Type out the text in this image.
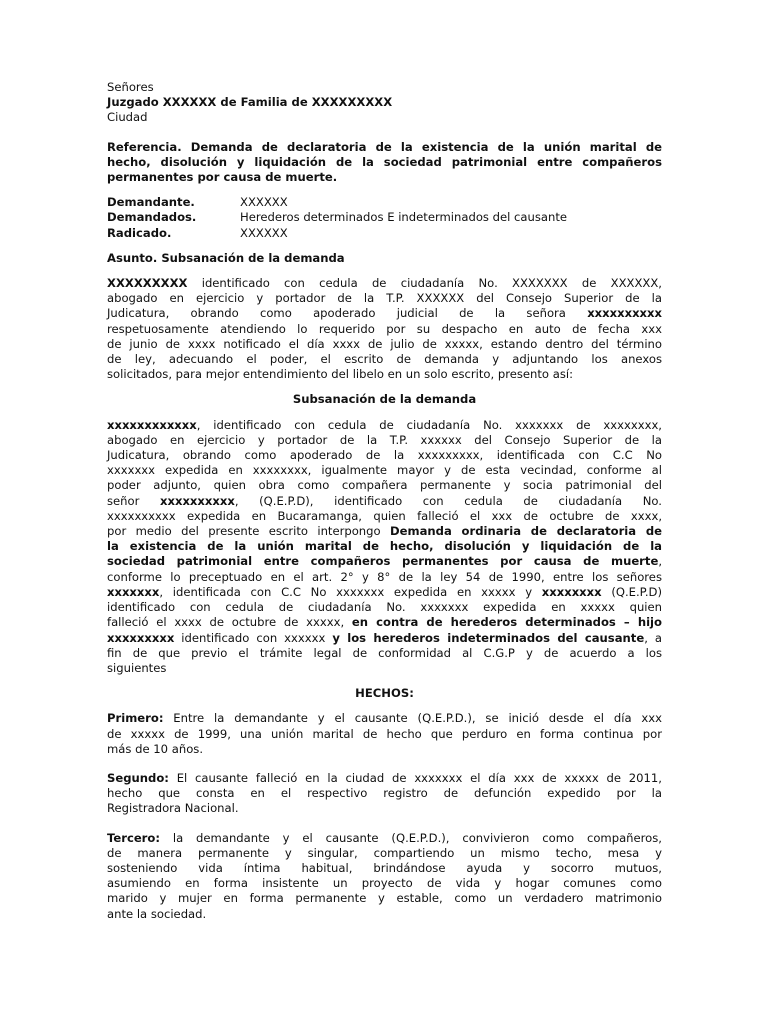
Señores
Juzgado XXXXXX de Familia de XXXXXXXXX
Ciudad
Referencia. Demanda de declaratoria de la existencia de la unión marital de
hecho, disolución y liquidación de la sociedad patrimonial entre compañeros
permanentes por causa de muerte.
Demandante.	XXXXXX
Demandados.	Herederos determinados E indeterminados del causante
Radicado.	XXXXXX
Asunto. Subsanación de la demanda
XXXXXXXXX identificado con cedula de ciudadanía No. XXXXXXX de XXXXXX,
abogado en ejercicio y portador de la T.P. XXXXXX del Consejo Superior de la
Judicatura, obrando como apoderado judicial de la señora xxxxxxxxxx
respetuosamente atendiendo lo requerido por su despacho en auto de fecha xxx
de junio de xxxx notificado el día xxxx de julio de xxxxx, estando dentro del término
de ley, adecuando el poder, el escrito de demanda y adjuntando los anexos
solicitados, para mejor entendimiento del libelo en un solo escrito, presento así:
Subsanación de la demanda
xxxxxxxxxxxx, identificado con cedula de ciudadanía No. xxxxxxx de xxxxxxxx,
abogado en ejercicio y portador de la T.P. xxxxxx del Consejo Superior de la
Judicatura, obrando como apoderado de la xxxxxxxxx, identificada con C.C No
xxxxxxx expedida en xxxxxxxx, igualmente mayor y de esta vecindad, conforme al
poder adjunto, quien obra como compañera permanente y socia patrimonial del
señor xxxxxxxxxx, (Q.E.P.D), identificado con cedula de ciudadanía No.
xxxxxxxxxx expedida en Bucaramanga, quien falleció el xxx de octubre de xxxx,
por medio del presente escrito interpongo Demanda ordinaria de declaratoria de
la existencia de la unión marital de hecho, disolución y liquidación de la
sociedad patrimonial entre compañeros permanentes por causa de muerte,
conforme lo preceptuado en el art. 2° y 8° de la ley 54 de 1990, entre los señores
xxxxxxx, identificada con C.C No xxxxxxx expedida en xxxxx y xxxxxxxx (Q.E.P.D)
identificado con cedula de ciudadanía No. xxxxxxx expedida en xxxxx quien
falleció el xxxx de octubre de xxxxx, en contra de herederos determinados – hijo
xxxxxxxxx identificado con xxxxxx y los herederos indeterminados del causante, a
fin de que previo el trámite legal de conformidad al C.G.P y de acuerdo a los
siguientes
HECHOS:
Primero: Entre la demandante y el causante (Q.E.P.D.), se inició desde el día xxx
de xxxxx de 1999, una unión marital de hecho que perduro en forma continua por
más de 10 años.
Segundo: El causante falleció en la ciudad de xxxxxxx el día xxx de xxxxx de 2011,
hecho que consta en el respectivo registro de defunción expedido por la
Registradora Nacional.
Tercero: la demandante y el causante (Q.E.P.D.), convivieron como compañeros,
de manera permanente y singular, compartiendo un mismo techo, mesa y
sosteniendo vida íntima habitual, brindándose ayuda y socorro mutuos,
asumiendo en forma insistente un proyecto de vida y hogar comunes como
marido y mujer en forma permanente y estable, como un verdadero matrimonio
ante la sociedad.
